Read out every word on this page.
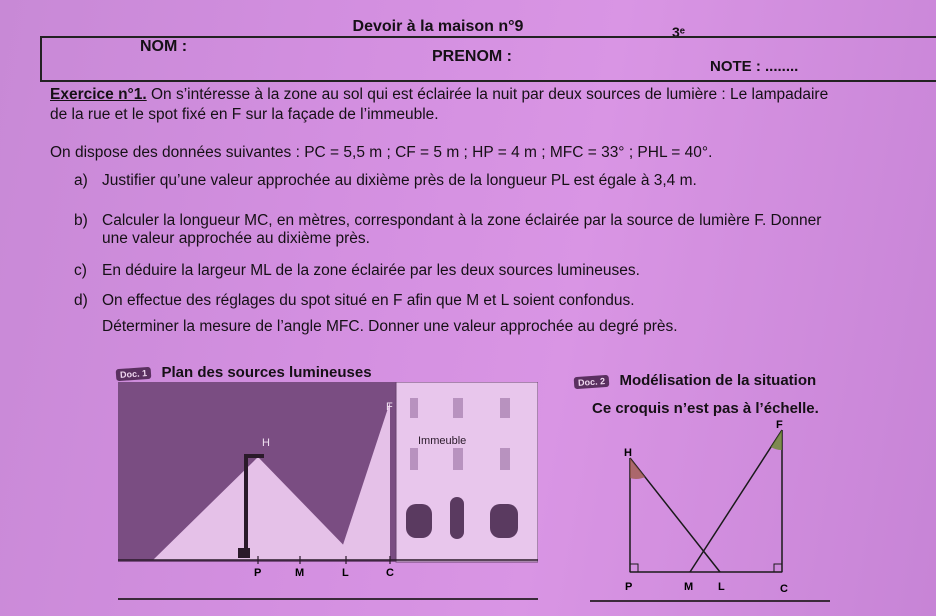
Devoir à la maison n°9	3ᵉ
NOM :
PRENOM :
NOTE : ........
Exercice n°1. On s’intéresse à la zone au sol qui est éclairée la nuit par deux sources de lumière : Le lampadaire
de la rue et le spot fixé en F sur la façade de l’immeuble.
On dispose des données suivantes : PC = 5,5 m ; CF = 5 m ; HP = 4 m ; MFC = 33° ; PHL = 40°.
a) Justifier qu’une valeur approchée au dixième près de la longueur PL est égale à 3,4 m.
b) Calculer la longueur MC, en mètres, correspondant à la zone éclairée par la source de lumière F. Donner
une valeur approchée au dixième près.
c) En déduire la largeur ML de la zone éclairée par les deux sources lumineuses.
d) On effectue des réglages du spot situé en F afin que M et L soient confondus.
Déterminer la mesure de l’angle MFC. Donner une valeur approchée au degré près.
Doc. 1 Plan des sources lumineuses
F
H	Immeuble
P	M	L	C
Doc. 2 Modélisation de la situation
Ce croquis n’est pas à l’échelle.
F
H
P	M L	C
